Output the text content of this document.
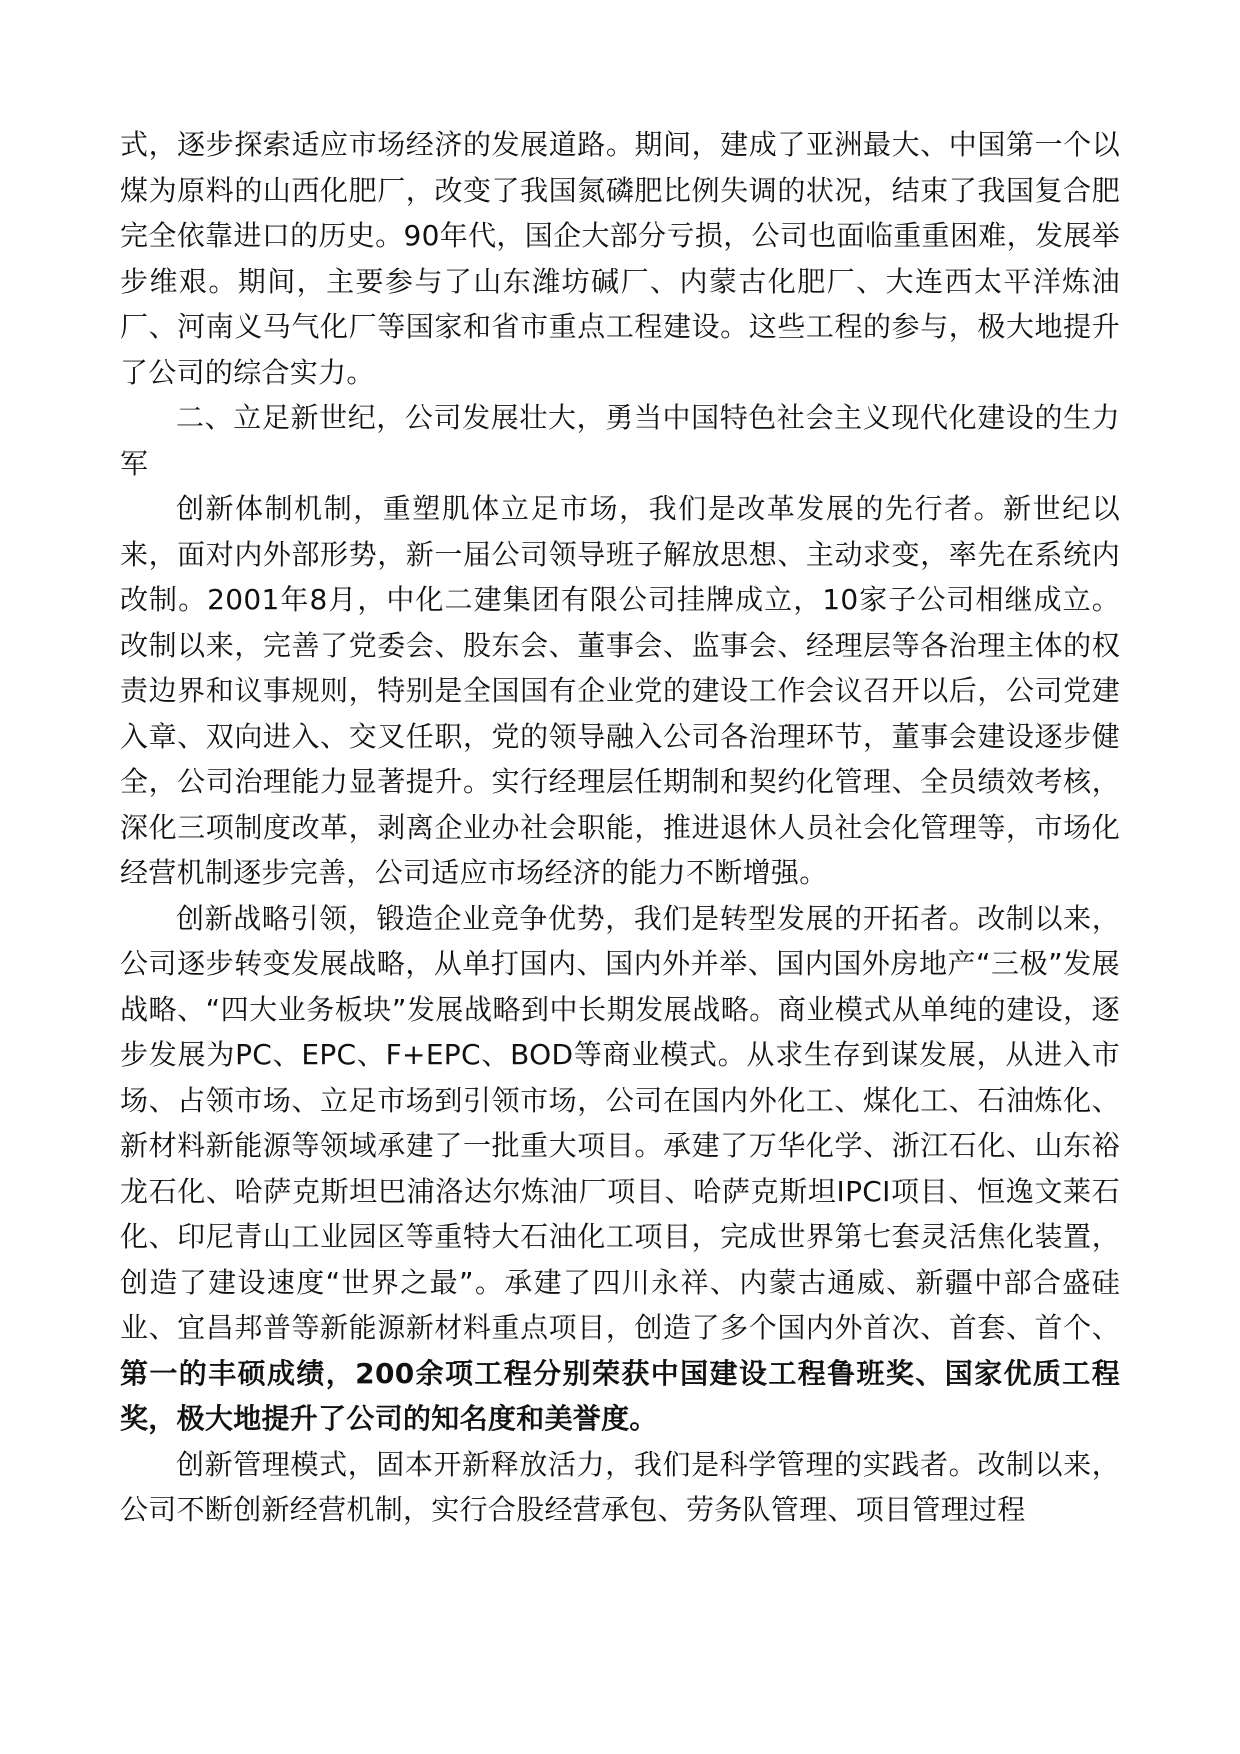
式，逐步探索适应市场经济的发展道路。期间，建成了亚洲最大、中国第一个以煤为原料的山西化肥厂，改变了我国氮磷肥比例失调的状况，结束了我国复合肥完全依靠进口的历史。90年代，国企大部分亏损，公司也面临重重困难，发展举步维艰。期间，主要参与了山东潍坊碱厂、内蒙古化肥厂、大连西太平洋炼油厂、河南义马气化厂等国家和省市重点工程建设。这些工程的参与，极大地提升了公司的综合实力。

二、立足新世纪，公司发展壮大，勇当中国特色社会主义现代化建设的生力军

创新体制机制，重塑肌体立足市场，我们是改革发展的先行者。新世纪以来，面对内外部形势，新一届公司领导班子解放思想、主动求变，率先在系统内改制。2001年8月，中化二建集团有限公司挂牌成立，10家子公司相继成立。改制以来，完善了党委会、股东会、董事会、监事会、经理层等各治理主体的权责边界和议事规则，特别是全国国有企业党的建设工作会议召开以后，公司党建入章、双向进入、交叉任职，党的领导融入公司各治理环节，董事会建设逐步健全，公司治理能力显著提升。实行经理层任期制和契约化管理、全员绩效考核，深化三项制度改革，剥离企业办社会职能，推进退休人员社会化管理等，市场化经营机制逐步完善，公司适应市场经济的能力不断增强。

创新战略引领，锻造企业竞争优势，我们是转型发展的开拓者。改制以来，公司逐步转变发展战略，从单打国内、国内外并举、国内国外房地产“三极”发展战略、“四大业务板块”发展战略到中长期发展战略。商业模式从单纯的建设，逐步发展为PC、EPC、F+EPC、BOD等商业模式。从求生存到谋发展，从进入市场、占领市场、立足市场到引领市场，公司在国内外化工、煤化工、石油炼化、新材料新能源等领域承建了一批重大项目。承建了万华化学、浙江石化、山东裕龙石化、哈萨克斯坦巴浦洛达尔炼油厂项目、哈萨克斯坦IPCI项目、恒逸文莱石化、印尼青山工业园区等重特大石油化工项目，完成世界第七套灵活焦化装置，创造了建设速度“世界之最”。承建了四川永祥、内蒙古通威、新疆中部合盛硅业、宜昌邦普等新能源新材料重点项目，创造了多个国内外首次、首套、首个、第一的丰硕成绩，200余项工程分别荣获中国建设工程鲁班奖、国家优质工程奖，极大地提升了公司的知名度和美誉度。

创新管理模式，固本开新释放活力，我们是科学管理的实践者。改制以来，公司不断创新经营机制，实行合股经营承包、劳务队管理、项目管理过程
